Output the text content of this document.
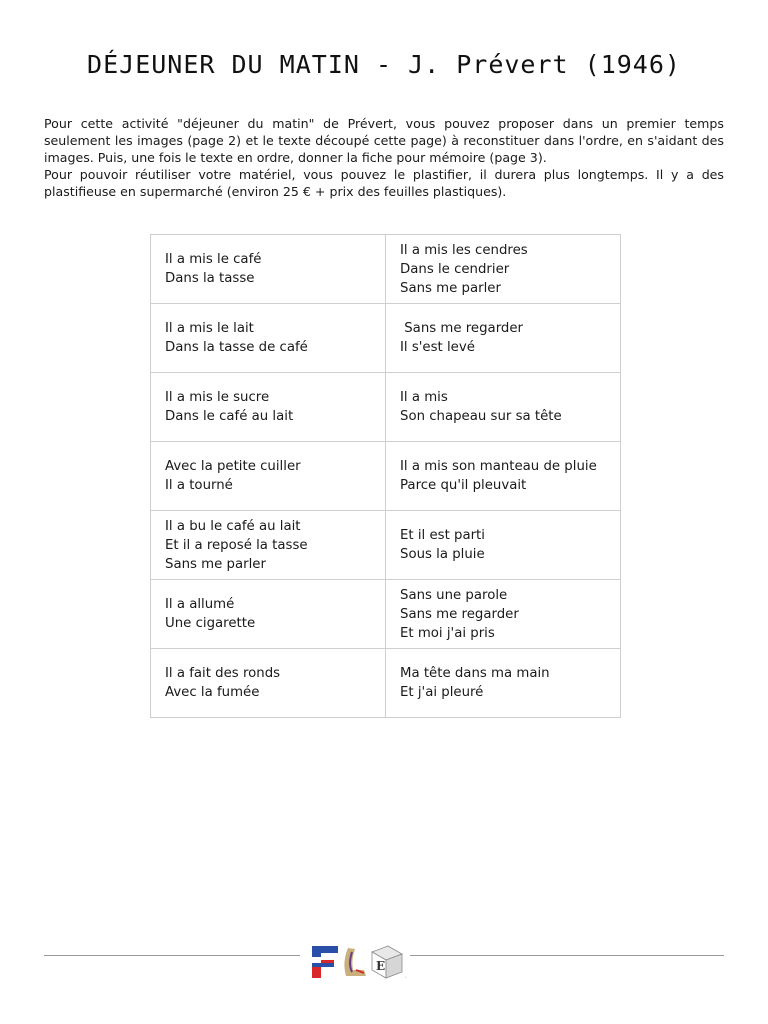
DÉJEUNER DU MATIN - J. Prévert (1946)

Pour cette activité "déjeuner du matin" de Prévert, vous pouvez proposer dans un premier temps seulement les images (page 2) et le texte découpé cette page) à reconstituer dans l'ordre, en s'aidant des images. Puis, une fois le texte en ordre, donner la fiche pour mémoire (page 3).

Pour pouvoir réutiliser votre matériel, vous pouvez le plastifier, il durera plus longtemps. Il y a des plastifieuse en supermarché (environ 25 € + prix des feuilles plastiques).

Il a mis le café
Dans la tasse	Il a mis les cendres
Dans le cendrier
Sans me parler

Il a mis le lait
Dans la tasse de café	Sans me regarder
Il s'est levé

Il a mis le sucre
Dans le café au lait	Il a mis
Son chapeau sur sa tête

Avec la petite cuiller
Il a tourné	Il a mis son manteau de pluie
Parce qu'il pleuvait

Il a bu le café au lait
Et il a reposé la tasse
Sans me parler	Et il est parti
Sous la pluie

Il a allumé
Une cigarette	Sans une parole
Sans me regarder
Et moi j'ai pris

Il a fait des ronds
Avec la fumée	Ma tête dans ma main
Et j'ai pleuré
E
•
